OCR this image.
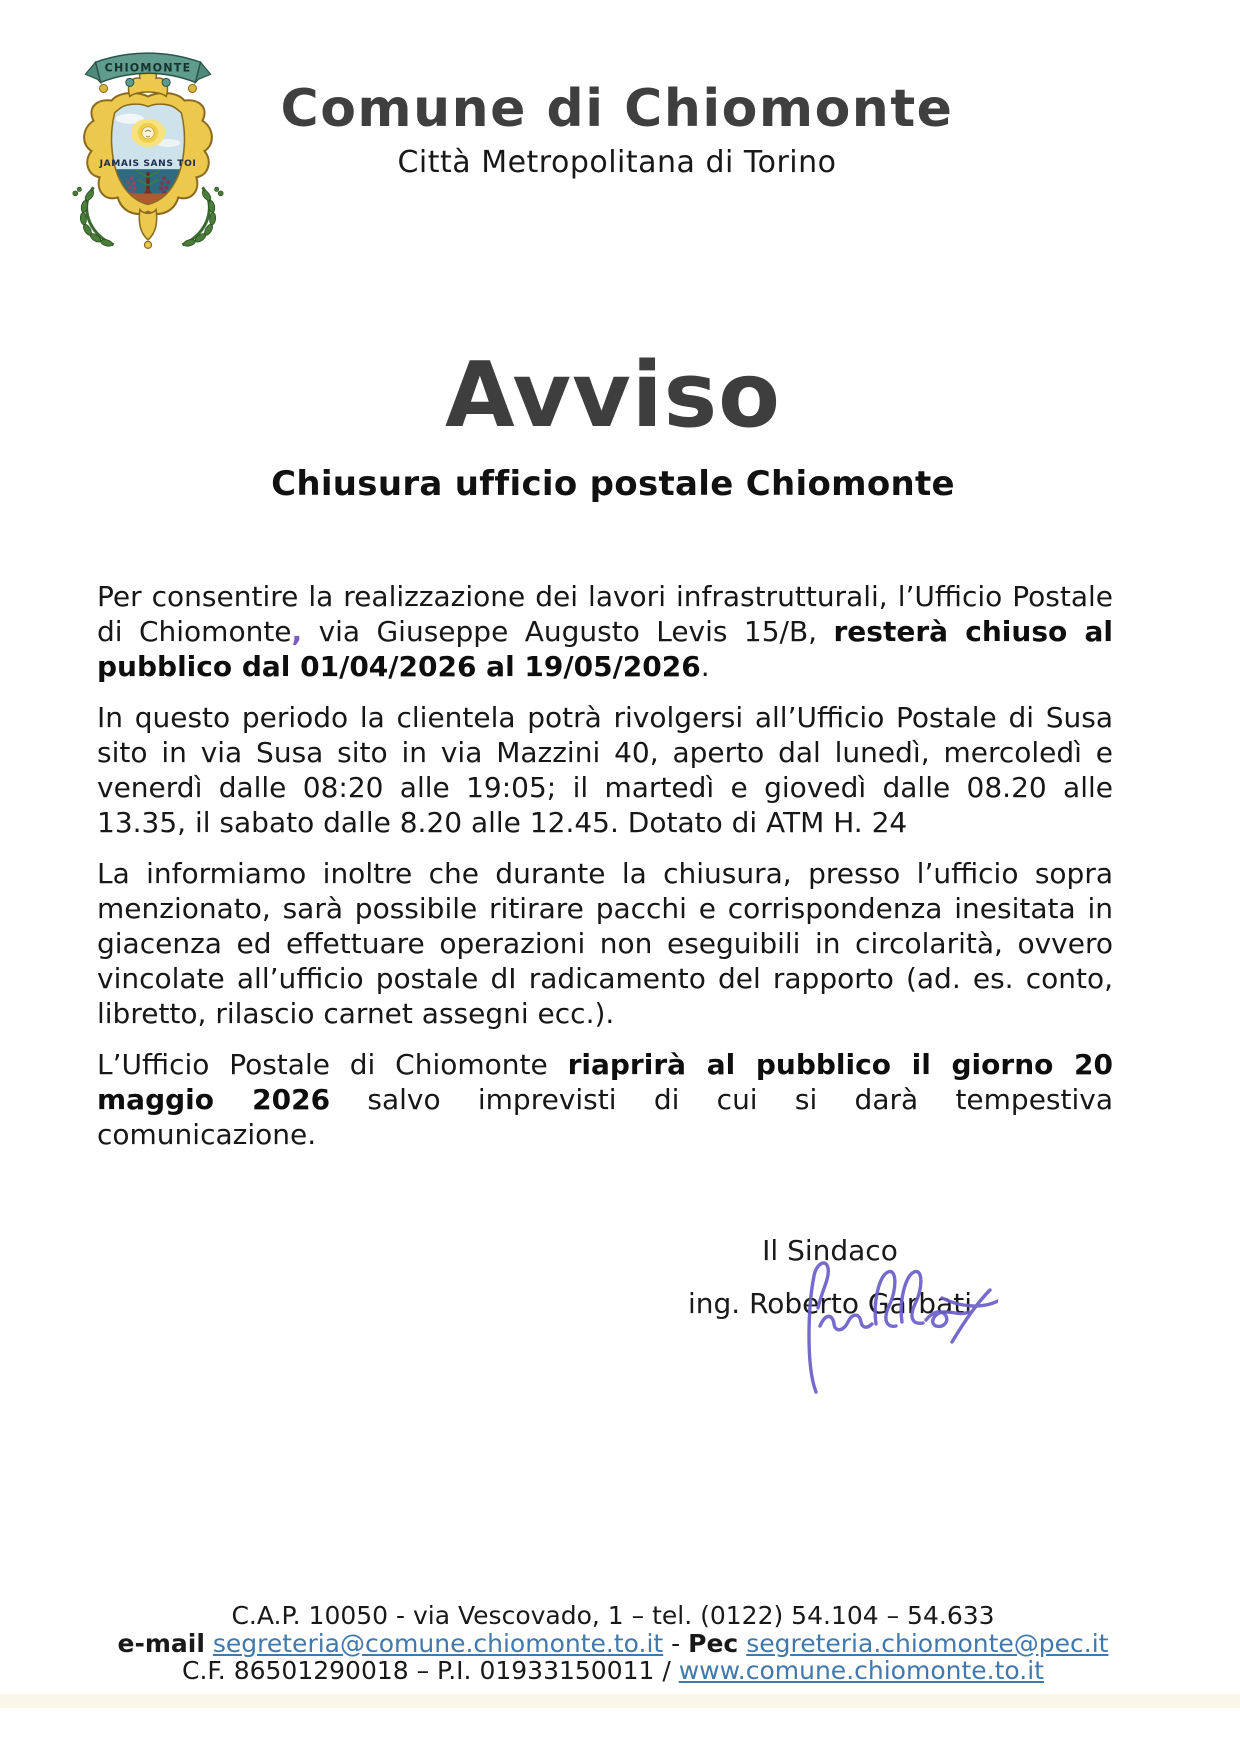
JAMAIS SANS TOI
CHIOMONTE
Comune di Chiomonte
Città Metropolitana di Torino
Avviso
Chiusura ufficio postale Chiomonte

Per consentire la realizzazione dei lavori infrastrutturali, l’Ufficio Postale di Chiomonte, via Giuseppe Augusto Levis 15/B, resterà chiuso al pubblico dal 01/04/2026 al 19/05/2026.

In questo periodo la clientela potrà rivolgersi all’Ufficio Postale di Susa sito in via Susa sito in via Mazzini 40, aperto dal lunedì, mercoledì e venerdì dalle 08:20 alle 19:05; il martedì e giovedì dalle 08.20 alle 13.35, il sabato dalle 8.20 alle 12.45. Dotato di ATM H. 24

La informiamo inoltre che durante la chiusura, presso l’ufficio sopra menzionato, sarà possibile ritirare pacchi e corrispondenza inesitata in giacenza ed effettuare operazioni non eseguibili in circolarità, ovvero vincolate all’ufficio postale dI radicamento del rapporto (ad. es. conto, libretto, rilascio carnet assegni ecc.).

L’Ufficio Postale di Chiomonte riaprirà al pubblico il giorno 20 maggio 2026 salvo imprevisti di cui si darà tempestiva comunicazione.

Il Sindaco
ing. Roberto Garbati
C.A.P. 10050 - via Vescovado, 1 – tel. (0122) 54.104 – 54.633
e-mail segreteria@comune.chiomonte.to.it - Pec segreteria.chiomonte@pec.it
C.F. 86501290018 – P.I. 01933150011 / www.comune.chiomonte.to.it
